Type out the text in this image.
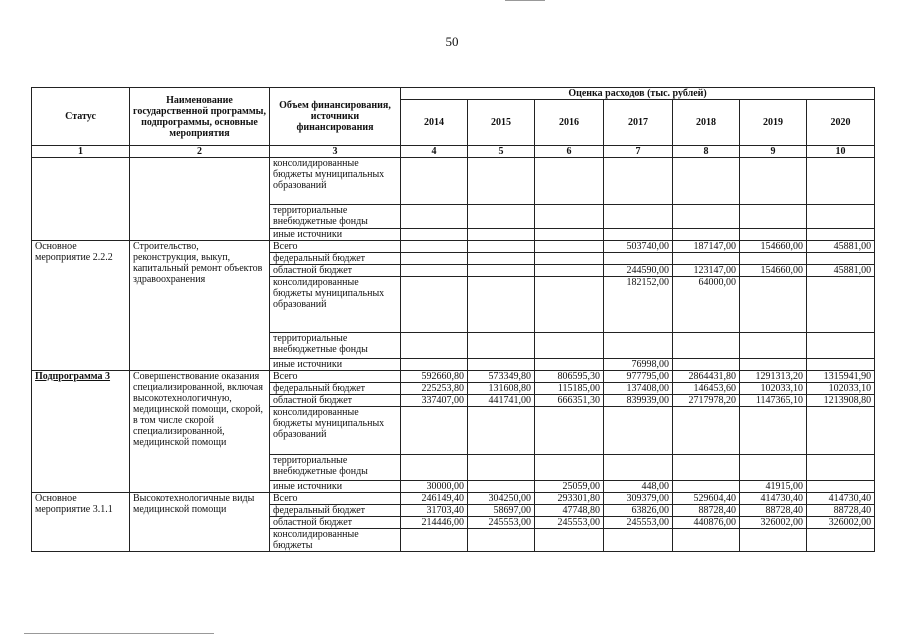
50
Статус	Наименование государственной программы, подпрограммы, основные мероприятия	Объем финансирования, источники финансирования	Оценка расходов (тыс. рублей)						
			2014	2015	2016	2017	2018	2019	2020
1	2	3	4	5	6	7	8	9	10
		консолидированные бюджеты муниципальных образований							
		территориальные внебюджетные фонды							
		иные источники							
Основное мероприятие 2.2.2	Строительство, реконструкция, выкуп, капитальный ремонт объектов здравоохранения	Всего				503740,00	187147,00	154660,00	45881,00
		федеральный бюджет							
		областной бюджет				244590,00	123147,00	154660,00	45881,00
		консолидированные бюджеты муниципальных образований				182152,00	64000,00		
		территориальные внебюджетные фонды							
		иные источники				76998,00			
Подпрограмма 3	Совершенствование оказания специализированной, включая высокотехнологичную, медицинской помощи, скорой, в том числе скорой специализированной, медицинской помощи	Всего	592660,80	573349,80	806595,30	977795,00	2864431,80	1291313,20	1315941,90
		федеральный бюджет	225253,80	131608,80	115185,00	137408,00	146453,60	102033,10	102033,10
		областной бюджет	337407,00	441741,00	666351,30	839939,00	2717978,20	1147365,10	1213908,80
		консолидированные бюджеты муниципальных образований							
		территориальные внебюджетные фонды							
		иные источники	30000,00		25059,00	448,00		41915,00	
Основное мероприятие 3.1.1	Высокотехнологичные виды медицинской помощи	Всего	246149,40	304250,00	293301,80	309379,00	529604,40	414730,40	414730,40
		федеральный бюджет	31703,40	58697,00	47748,80	63826,00	88728,40	88728,40	88728,40
		областной бюджет	214446,00	245553,00	245553,00	245553,00	440876,00	326002,00	326002,00
		консолидированные бюджеты							
